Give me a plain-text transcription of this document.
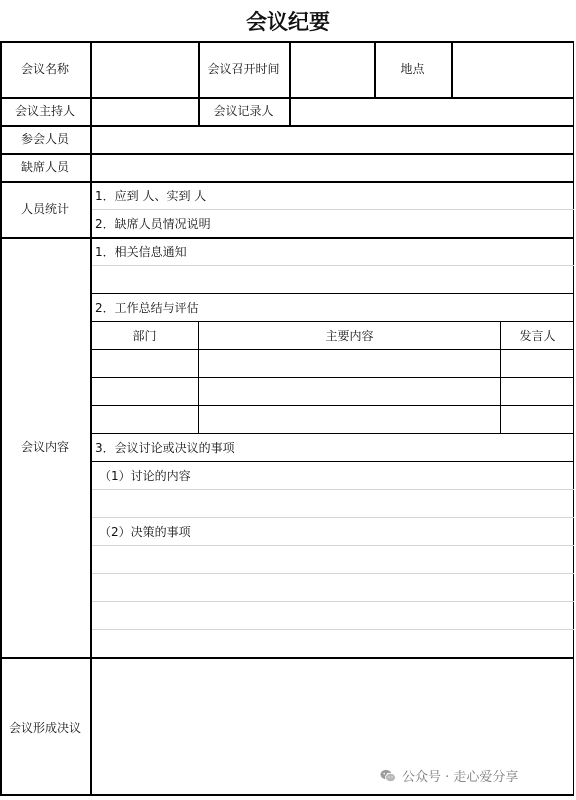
会议纪要
会议名称	会议召开时间	地点
会议主持人	会议记录人
参会人员
缺席人员
人员统计
1．应到 人、实到 人
2．缺席人员情况说明
会议内容
1．相关信息通知
2．工作总结与评估
部门	主要内容	发言人
3．会议讨论或决议的事项
（1）讨论的内容
（2）决策的事项
会议形成决议
公众号 · 走心爱分享
